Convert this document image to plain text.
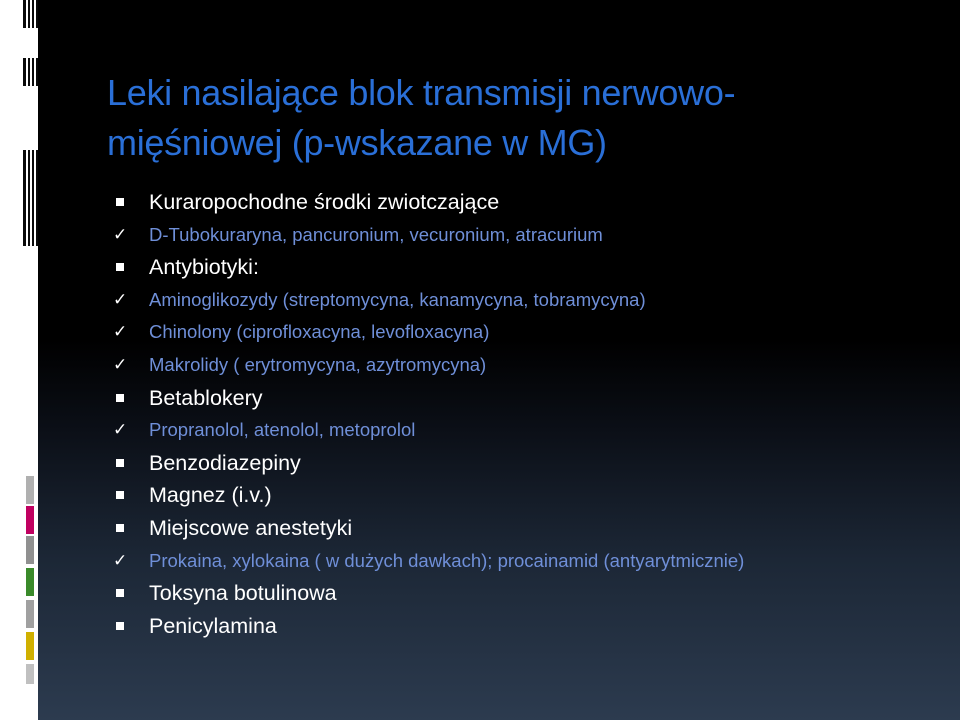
Leki nasilające blok transmisji nerwowo-mięśniowej (p-wskazane w MG)
Kuraropochodne środki zwiotczające
✓
D-Tubokuraryna, pancuronium, vecuronium, atracurium
Antybiotyki:
✓
Aminoglikozydy (streptomycyna, kanamycyna, tobramycyna)
✓
Chinolony (ciprofloxacyna, levofloxacyna)
✓
Makrolidy ( erytromycyna, azytromycyna)
Betablokery
✓
Propranolol, atenolol, metoprolol
Benzodiazepiny
Magnez (i.v.)
Miejscowe anestetyki
✓
Prokaina, xylokaina ( w dużych dawkach); procainamid (antyarytmicznie)
Toksyna botulinowa
Penicylamina
